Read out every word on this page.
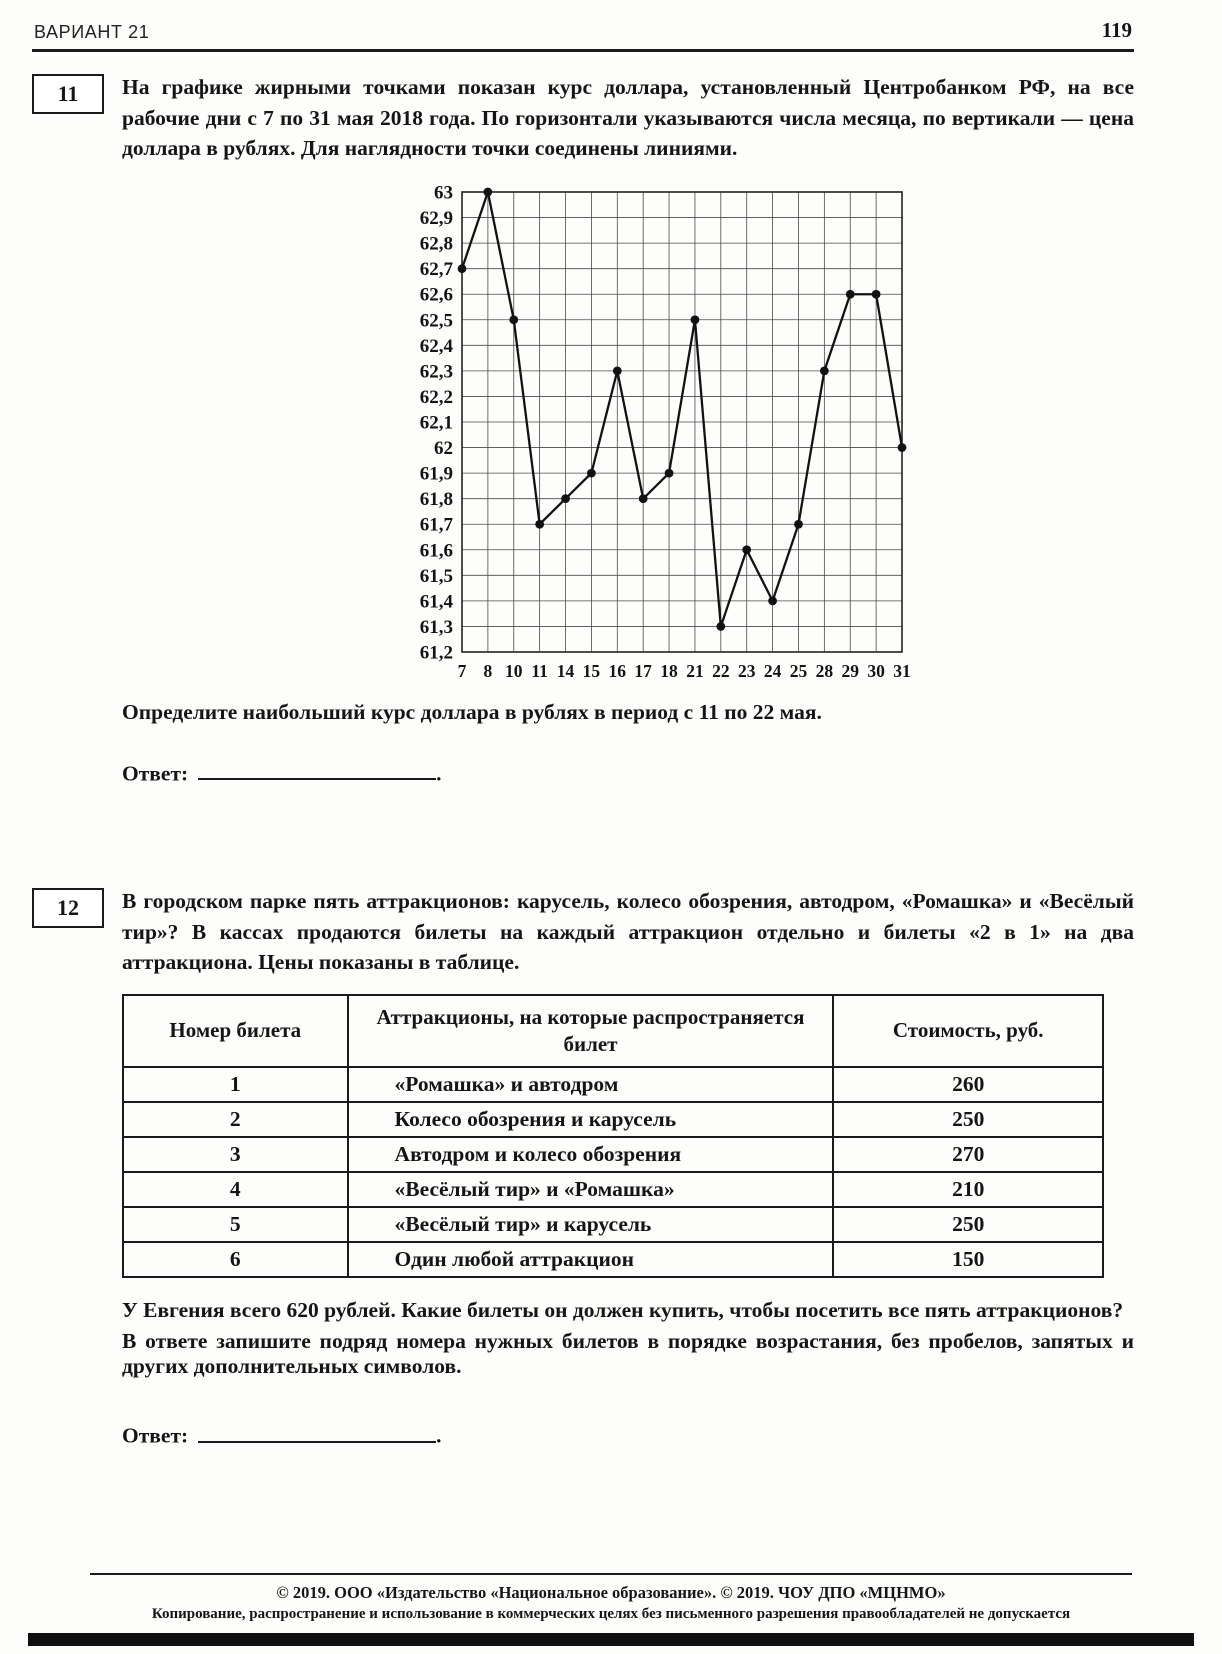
ВАРИАНТ 21	119
11	На графике жирными точками показан курс доллара, установленный Центробанком РФ, на все рабочие дни с 7 по 31 мая 2018 года. По горизонтали указываются числа месяца, по вертикали — цена доллара в рублях. Для наглядности точки соединены линиями.
61,2
61,3
61,4
61,5
61,6
61,7
61,8
61,9
62
62,1
62,2
62,3
62,4
62,5
62,6
62,7
62,8
62,9
63
7 8 10 11 14 15 16 17 18 21 22 23 24 25 28 29 30 31

Определите наибольший курс доллара в рублях в период с 11 по 22 мая.

Ответ:	.

12	В городском парке пять аттракционов: карусель, колесо обозрения, автодром, «Ромашка» и «Весёлый тир»? В кассах продаются билеты на каждый аттракцион отдельно и билеты «2 в 1» на два аттракциона. Цены показаны в таблице.
Номер билета	Аттракционы, на которые распространяется билет	Стоимость, руб.
1	«Ромашка» и автодром	260
2	Колесо обозрения и карусель	250
3	Автодром и колесо обозрения	270
4	«Весёлый тир» и «Ромашка»	210
5	«Весёлый тир» и карусель	250
6	Один любой аттракцион	150

У Евгения всего 620 рублей. Какие билеты он должен купить, чтобы посетить все пять аттракционов?

В ответе запишите подряд номера нужных билетов в порядке возрастания, без пробелов, запятых и других дополнительных символов.

Ответ:	.

© 2019. ООО «Издательство «Национальное образование». © 2019. ЧОУ ДПО «МЦНМО»

Копирование, распространение и использование в коммерческих целях без письменного разрешения правообладателей не допускается
